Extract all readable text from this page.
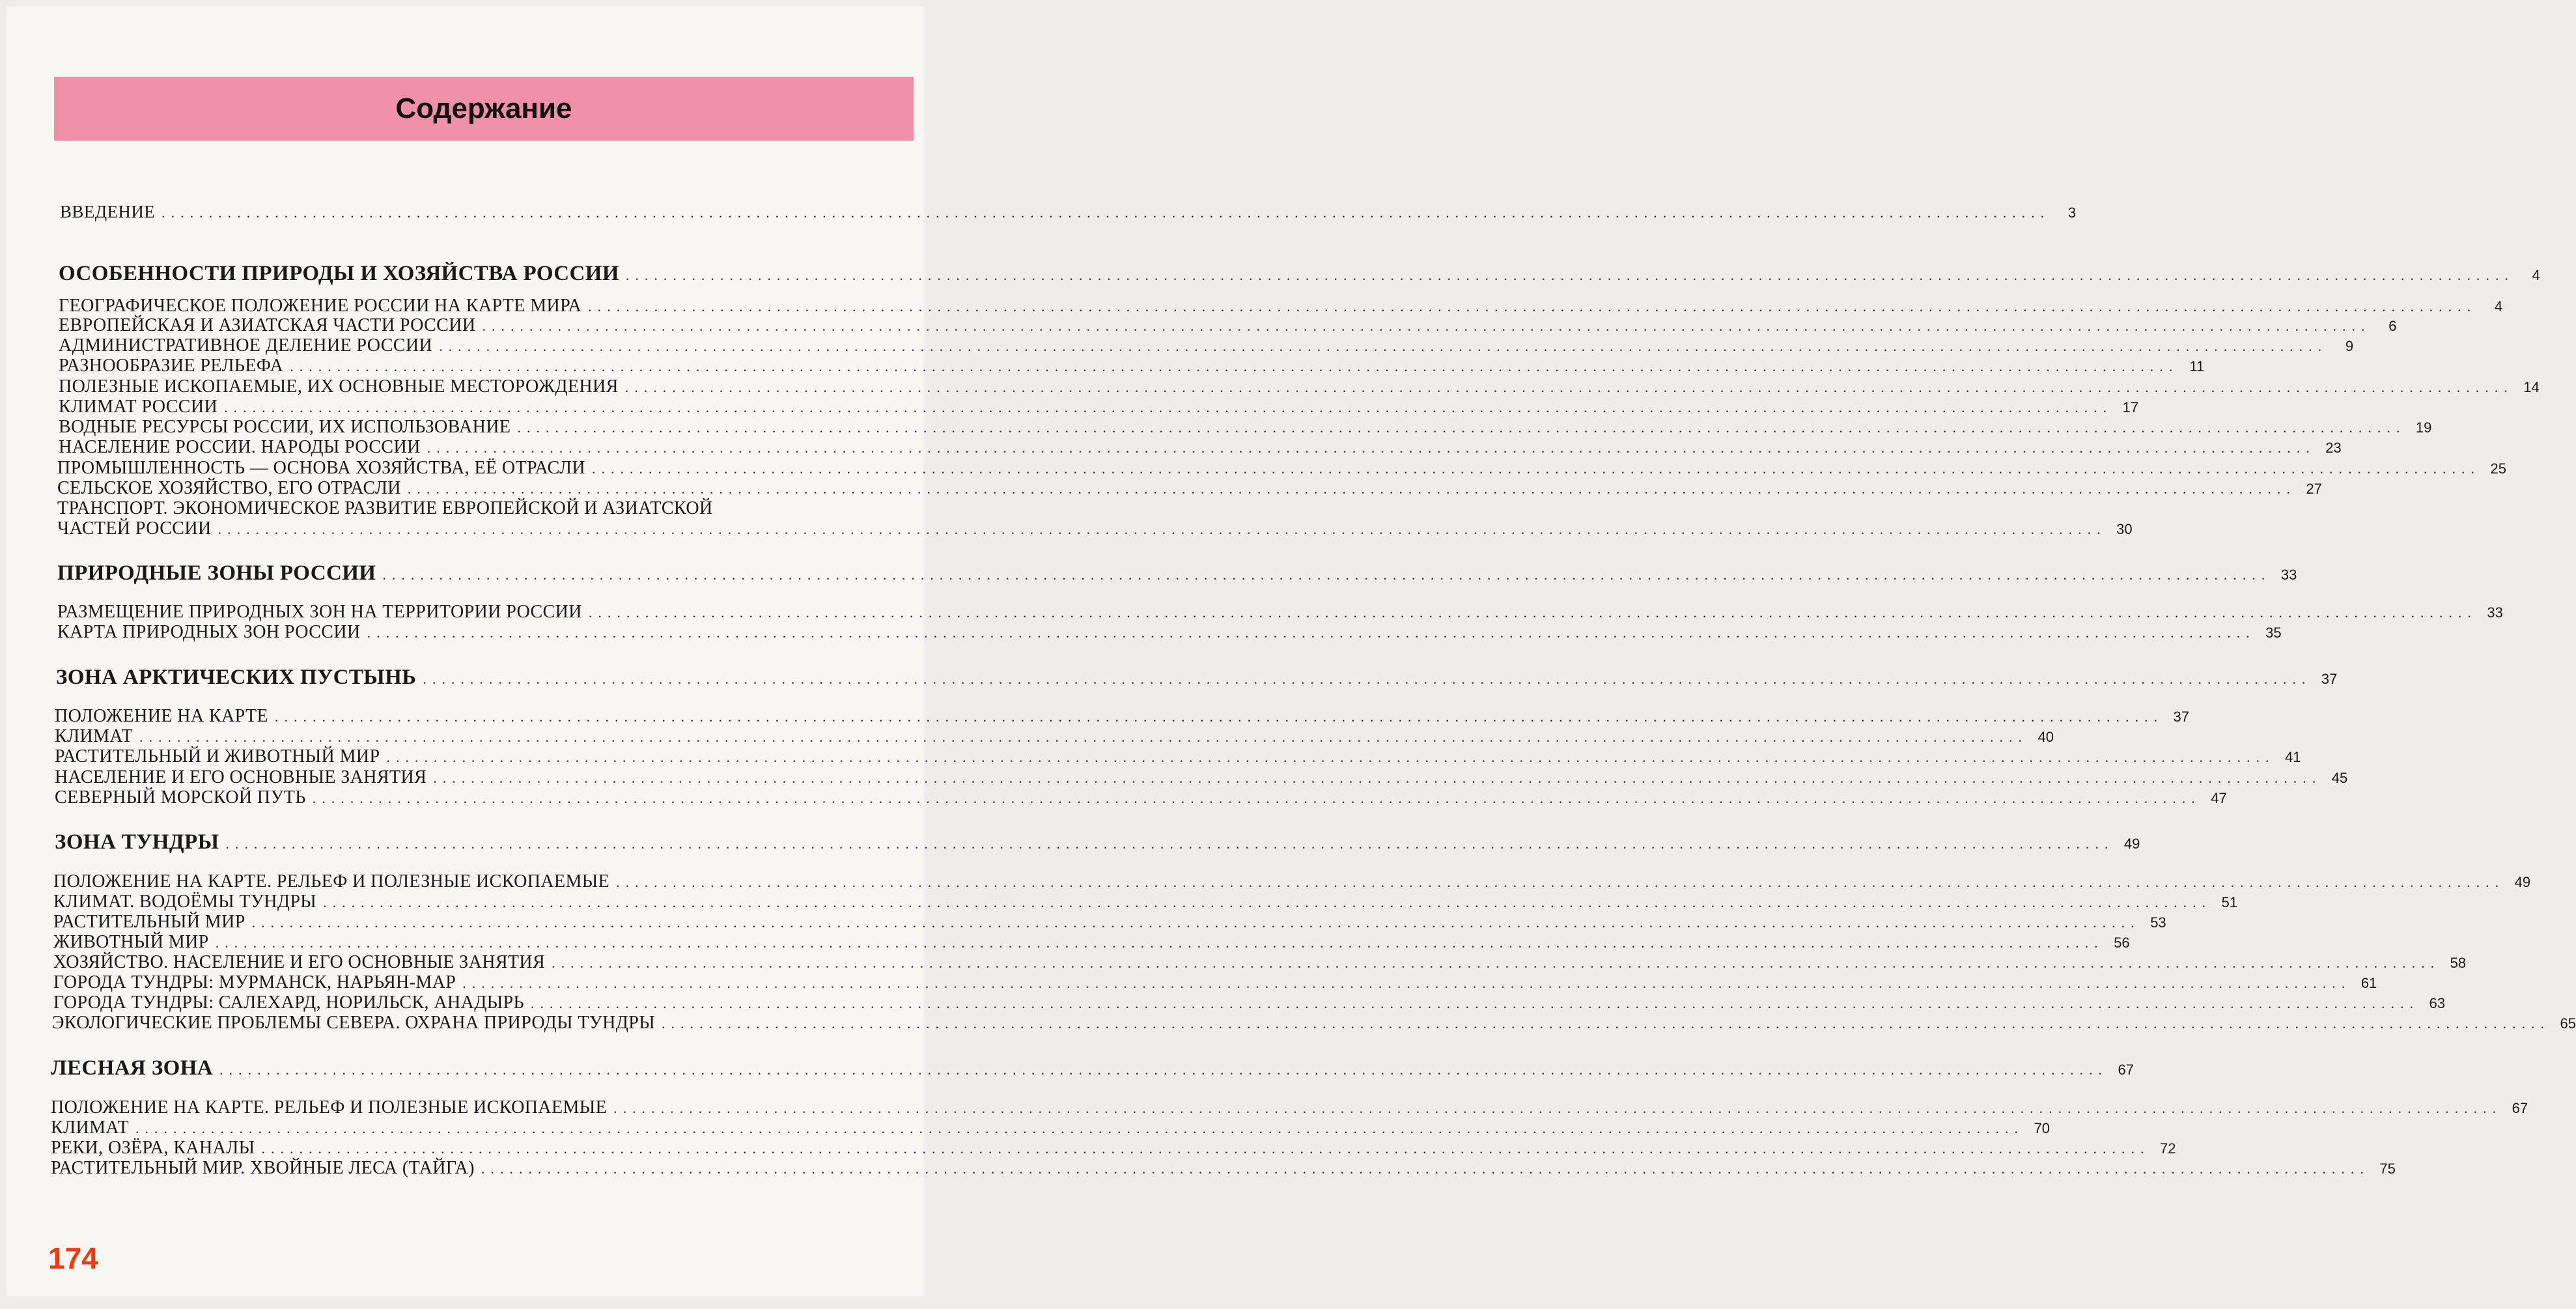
Содержание
ВВЕДЕНИЕ ........................................................................................................................................................................................................	3
ОСОБЕННОСТИ ПРИРОДЫ И ХОЗЯЙСТВА РОССИИ ........................................................................................................................................................................................................	4
ГЕОГРАФИЧЕСКОЕ ПОЛОЖЕНИЕ РОССИИ НА КАРТЕ МИРА ........................................................................................................................................................................................................	4
ЕВРОПЕЙСКАЯ И АЗИАТСКАЯ ЧАСТИ РОССИИ ........................................................................................................................................................................................................	6
АДМИНИСТРАТИВНОЕ ДЕЛЕНИЕ РОССИИ ........................................................................................................................................................................................................	9
РАЗНООБРАЗИЕ РЕЛЬЕФА ........................................................................................................................................................................................................ 11
ПОЛЕЗНЫЕ ИСКОПАЕМЫЕ, ИХ ОСНОВНЫЕ МЕСТОРОЖДЕНИЯ ........................................................................................................................................................................................................ 14
КЛИМАТ РОССИИ ........................................................................................................................................................................................................ 17
ВОДНЫЕ РЕСУРСЫ РОССИИ, ИХ ИСПОЛЬЗОВАНИЕ ........................................................................................................................................................................................................ 19
НАСЕЛЕНИЕ РОССИИ. НАРОДЫ РОССИИ ........................................................................................................................................................................................................ 23
ПРОМЫШЛЕННОСТЬ — ОСНОВА ХОЗЯЙСТВА, ЕЁ ОТРАСЛИ ........................................................................................................................................................................................................ 25
СЕЛЬСКОЕ ХОЗЯЙСТВО, ЕГО ОТРАСЛИ ........................................................................................................................................................................................................ 27
ТРАНСПОРТ. ЭКОНОМИЧЕСКОЕ РАЗВИТИЕ ЕВРОПЕЙСКОЙ И АЗИАТСКОЙ
ЧАСТЕЙ РОССИИ ........................................................................................................................................................................................................ 30
ПРИРОДНЫЕ ЗОНЫ РОССИИ ........................................................................................................................................................................................................ 33
РАЗМЕЩЕНИЕ ПРИРОДНЫХ ЗОН НА ТЕРРИТОРИИ РОССИИ ........................................................................................................................................................................................................ 33
КАРТА ПРИРОДНЫХ ЗОН РОССИИ ........................................................................................................................................................................................................ 35
ЗОНА АРКТИЧЕСКИХ ПУСТЫНЬ ........................................................................................................................................................................................................ 37
ПОЛОЖЕНИЕ НА КАРТЕ ........................................................................................................................................................................................................ 37
КЛИМАТ ........................................................................................................................................................................................................ 40
РАСТИТЕЛЬНЫЙ И ЖИВОТНЫЙ МИР ........................................................................................................................................................................................................ 41
НАСЕЛЕНИЕ И ЕГО ОСНОВНЫЕ ЗАНЯТИЯ ........................................................................................................................................................................................................ 45
СЕВЕРНЫЙ МОРСКОЙ ПУТЬ ........................................................................................................................................................................................................ 47
ЗОНА ТУНДРЫ ........................................................................................................................................................................................................ 49
ПОЛОЖЕНИЕ НА КАРТЕ. РЕЛЬЕФ И ПОЛЕЗНЫЕ ИСКОПАЕМЫЕ ........................................................................................................................................................................................................ 49
КЛИМАТ. ВОДОЁМЫ ТУНДРЫ ........................................................................................................................................................................................................ 51
РАСТИТЕЛЬНЫЙ МИР ........................................................................................................................................................................................................ 53
ЖИВОТНЫЙ МИР ........................................................................................................................................................................................................ 56
ХОЗЯЙСТВО. НАСЕЛЕНИЕ И ЕГО ОСНОВНЫЕ ЗАНЯТИЯ ........................................................................................................................................................................................................ 58
ГОРОДА ТУНДРЫ: МУРМАНСК, НАРЬЯН-МАР ........................................................................................................................................................................................................ 61
ГОРОДА ТУНДРЫ: САЛЕХАРД, НОРИЛЬСК, АНАДЫРЬ ........................................................................................................................................................................................................ 63
ЭКОЛОГИЧЕСКИЕ ПРОБЛЕМЫ СЕВЕРА. ОХРАНА ПРИРОДЫ ТУНДРЫ ........................................................................................................................................................................................................ 65
ЛЕСНАЯ ЗОНА ........................................................................................................................................................................................................ 67
ПОЛОЖЕНИЕ НА КАРТЕ. РЕЛЬЕФ И ПОЛЕЗНЫЕ ИСКОПАЕМЫЕ ........................................................................................................................................................................................................ 67
КЛИМАТ ........................................................................................................................................................................................................ 70
РЕКИ, ОЗЁРА, КАНАЛЫ ........................................................................................................................................................................................................ 72
РАСТИТЕЛЬНЫЙ МИР. ХВОЙНЫЕ ЛЕСА (ТАЙГА) ........................................................................................................................................................................................................ 75
174
